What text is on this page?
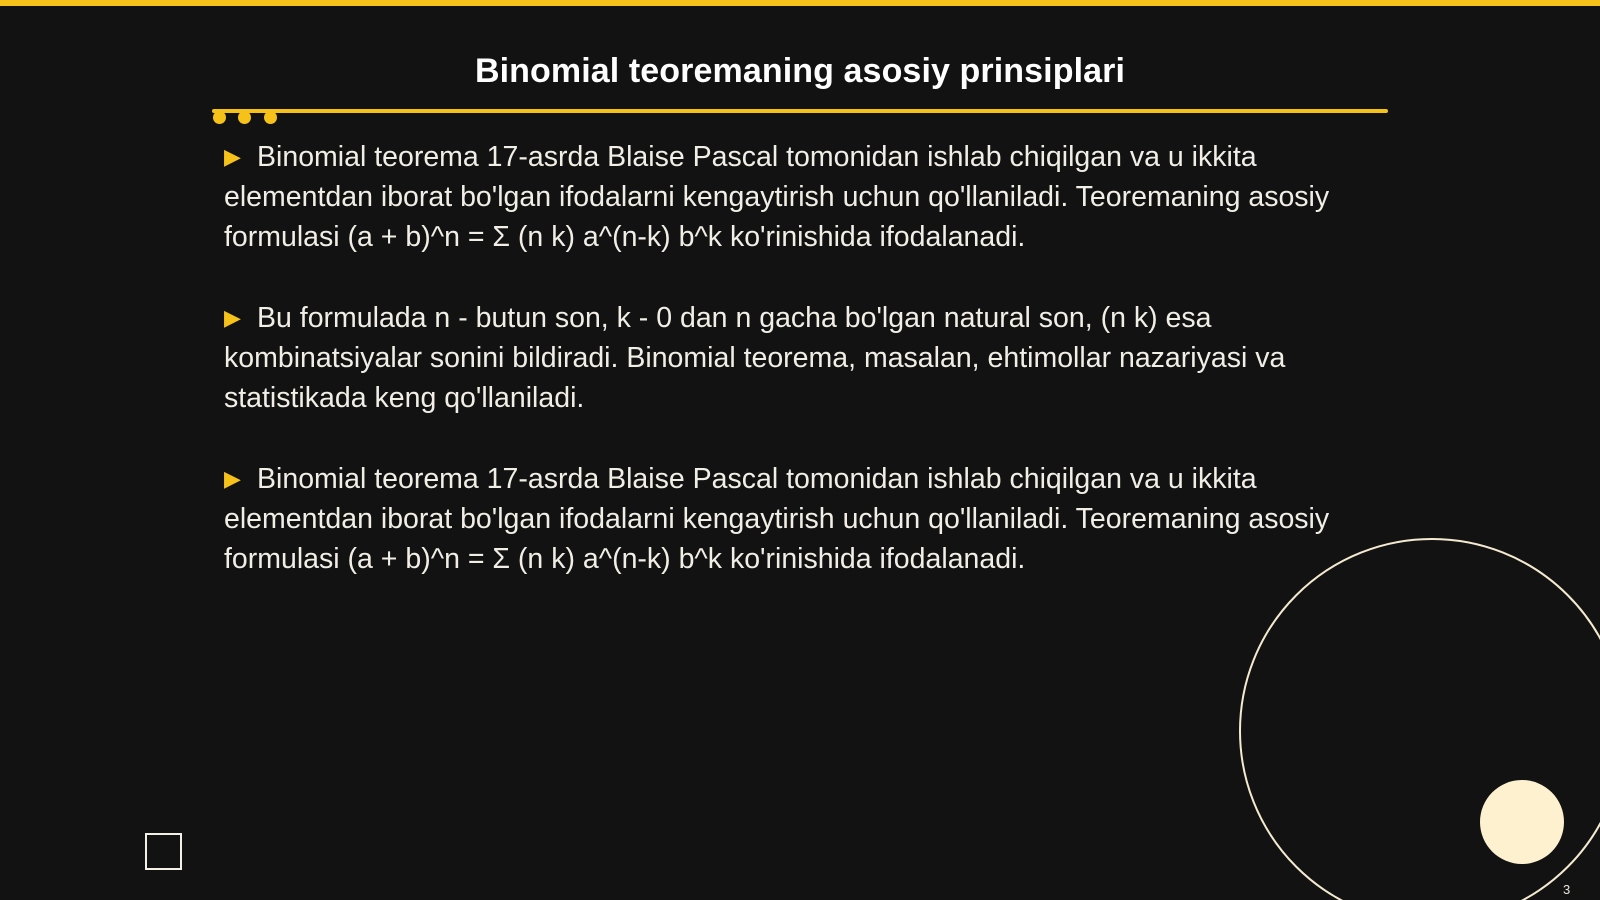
Binomial teoremaning asosiy prinsiplari

▶ Binomial teorema 17-asrda Blaise Pascal tomonidan ishlab chiqilgan va u ikkita elementdan iborat bo'lgan ifodalarni kengaytirish uchun qo'llaniladi. Teoremaning asosiy formulasi (a + b)^n = Σ (n k) a^(n-k) b^k ko'rinishida ifodalanadi.

▶ Bu formulada n - butun son, k - 0 dan n gacha bo'lgan natural son, (n k) esa kombinatsiyalar sonini bildiradi. Binomial teorema, masalan, ehtimollar nazariyasi va statistikada keng qo'llaniladi.

▶ Binomial teorema 17-asrda Blaise Pascal tomonidan ishlab chiqilgan va u ikkita elementdan iborat bo'lgan ifodalarni kengaytirish uchun qo'llaniladi. Teoremaning asosiy formulasi (a + b)^n = Σ (n k) a^(n-k) b^k ko'rinishida ifodalanadi.

3
